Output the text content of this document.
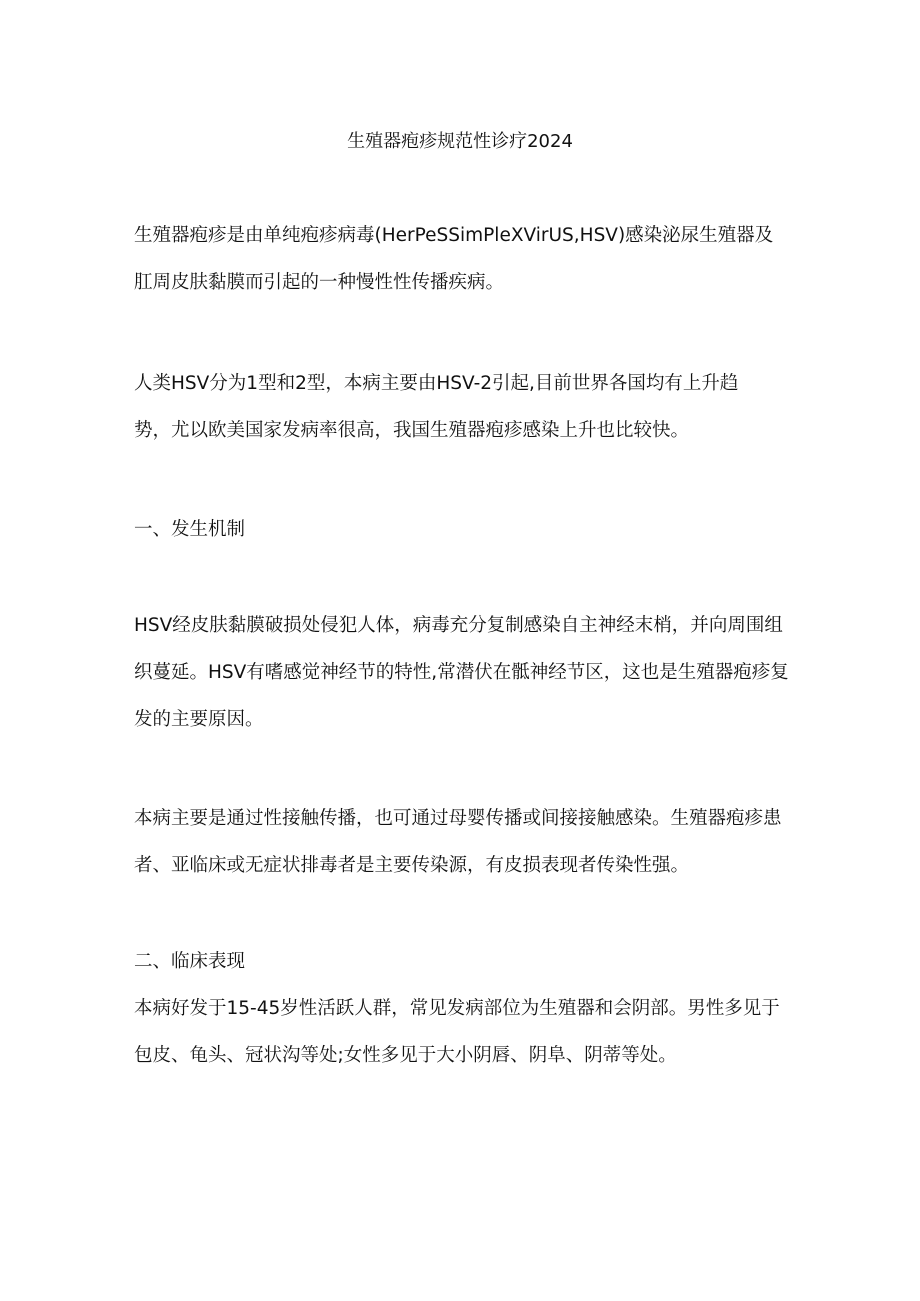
生殖器疱疹规范性诊疗2024
生殖器疱疹是由单纯疱疹病毒(HerPeSSimPleXVirUS,HSV)感染泌尿生殖器及
肛周皮肤黏膜而引起的一种慢性性传播疾病。
人类HSV分为1型和2型，本病主要由HSV-2引起,目前世界各国均有上升趋
势，尤以欧美国家发病率很高，我国生殖器疱疹感染上升也比较快。
一、发生机制
HSV经皮肤黏膜破损处侵犯人体，病毒充分复制感染自主神经末梢，并向周围组
织蔓延。HSV有嗜感觉神经节的特性,常潜伏在骶神经节区，这也是生殖器疱疹复
发的主要原因。
本病主要是通过性接触传播，也可通过母婴传播或间接接触感染。生殖器疱疹患
者、亚临床或无症状排毒者是主要传染源，有皮损表现者传染性强。
二、临床表现
本病好发于15-45岁性活跃人群，常见发病部位为生殖器和会阴部。男性多见于
包皮、龟头、冠状沟等处;女性多见于大小阴唇、阴阜、阴蒂等处。
